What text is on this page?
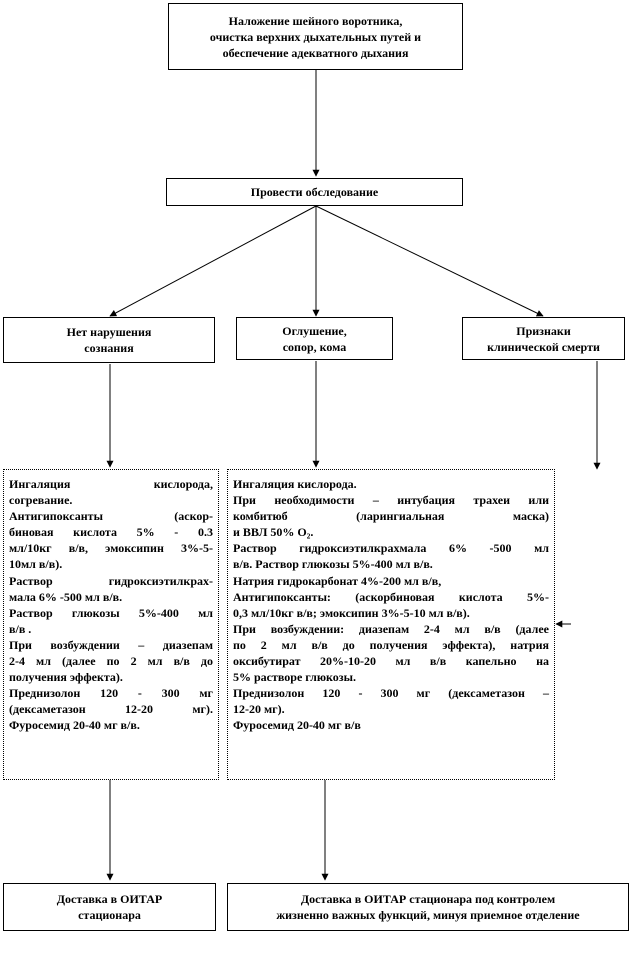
Наложение шейного воротника,
очистка верхних дыхательных путей и
обеспечение адекватного дыхания
Провести обследование
Нет нарушения
сознания
Оглушение,
сопор, кома
Признаки
клинической смерти
Ингаляция кислорода,
согревание.
Антигипоксанты (аскор-
биновая кислота 5% - 0.3
мл/10кг в/в, эмоксипин 3%-5-
10мл в/в).
Раствор гидроксиэтилкрах-
мала 6% -500 мл в/в.
Раствор глюкозы 5%-400 мл
в/в .
При возбуждении – диазепам
2-4 мл (далее по 2 мл в/в до
получения эффекта).
Преднизолон 120 - 300 мг
(дексаметазон 12-20 мг).
Фуросемид 20-40 мг в/в.
Ингаляция кислорода.
При необходимости – интубация трахеи или
комбитюб (ларингиальная маска)
и ВВЛ 50% O₂.
Раствор гидроксиэтилкрахмала 6% -500 мл
в/в. Раствор глюкозы 5%-400 мл в/в.
Натрия гидрокарбонат 4%-200 мл в/в,
Антигипоксанты: (аскорбиновая кислота 5%-
0,3 мл/10кг в/в; эмоксипин 3%-5-10 мл в/в).
При возбуждении: диазепам 2-4 мл в/в (далее
по 2 мл в/в до получения эффекта), натрия
оксибутират 20%-10-20 мл в/в капельно на
5% растворе глюкозы.
Преднизолон 120 - 300 мг (дексаметазон –
12-20 мг).
Фуросемид 20-40 мг в/в
Доставка в ОИТАР
стационара
Доставка в ОИТАР стационара под контролем
жизненно важных функций, минуя приемное отделение
